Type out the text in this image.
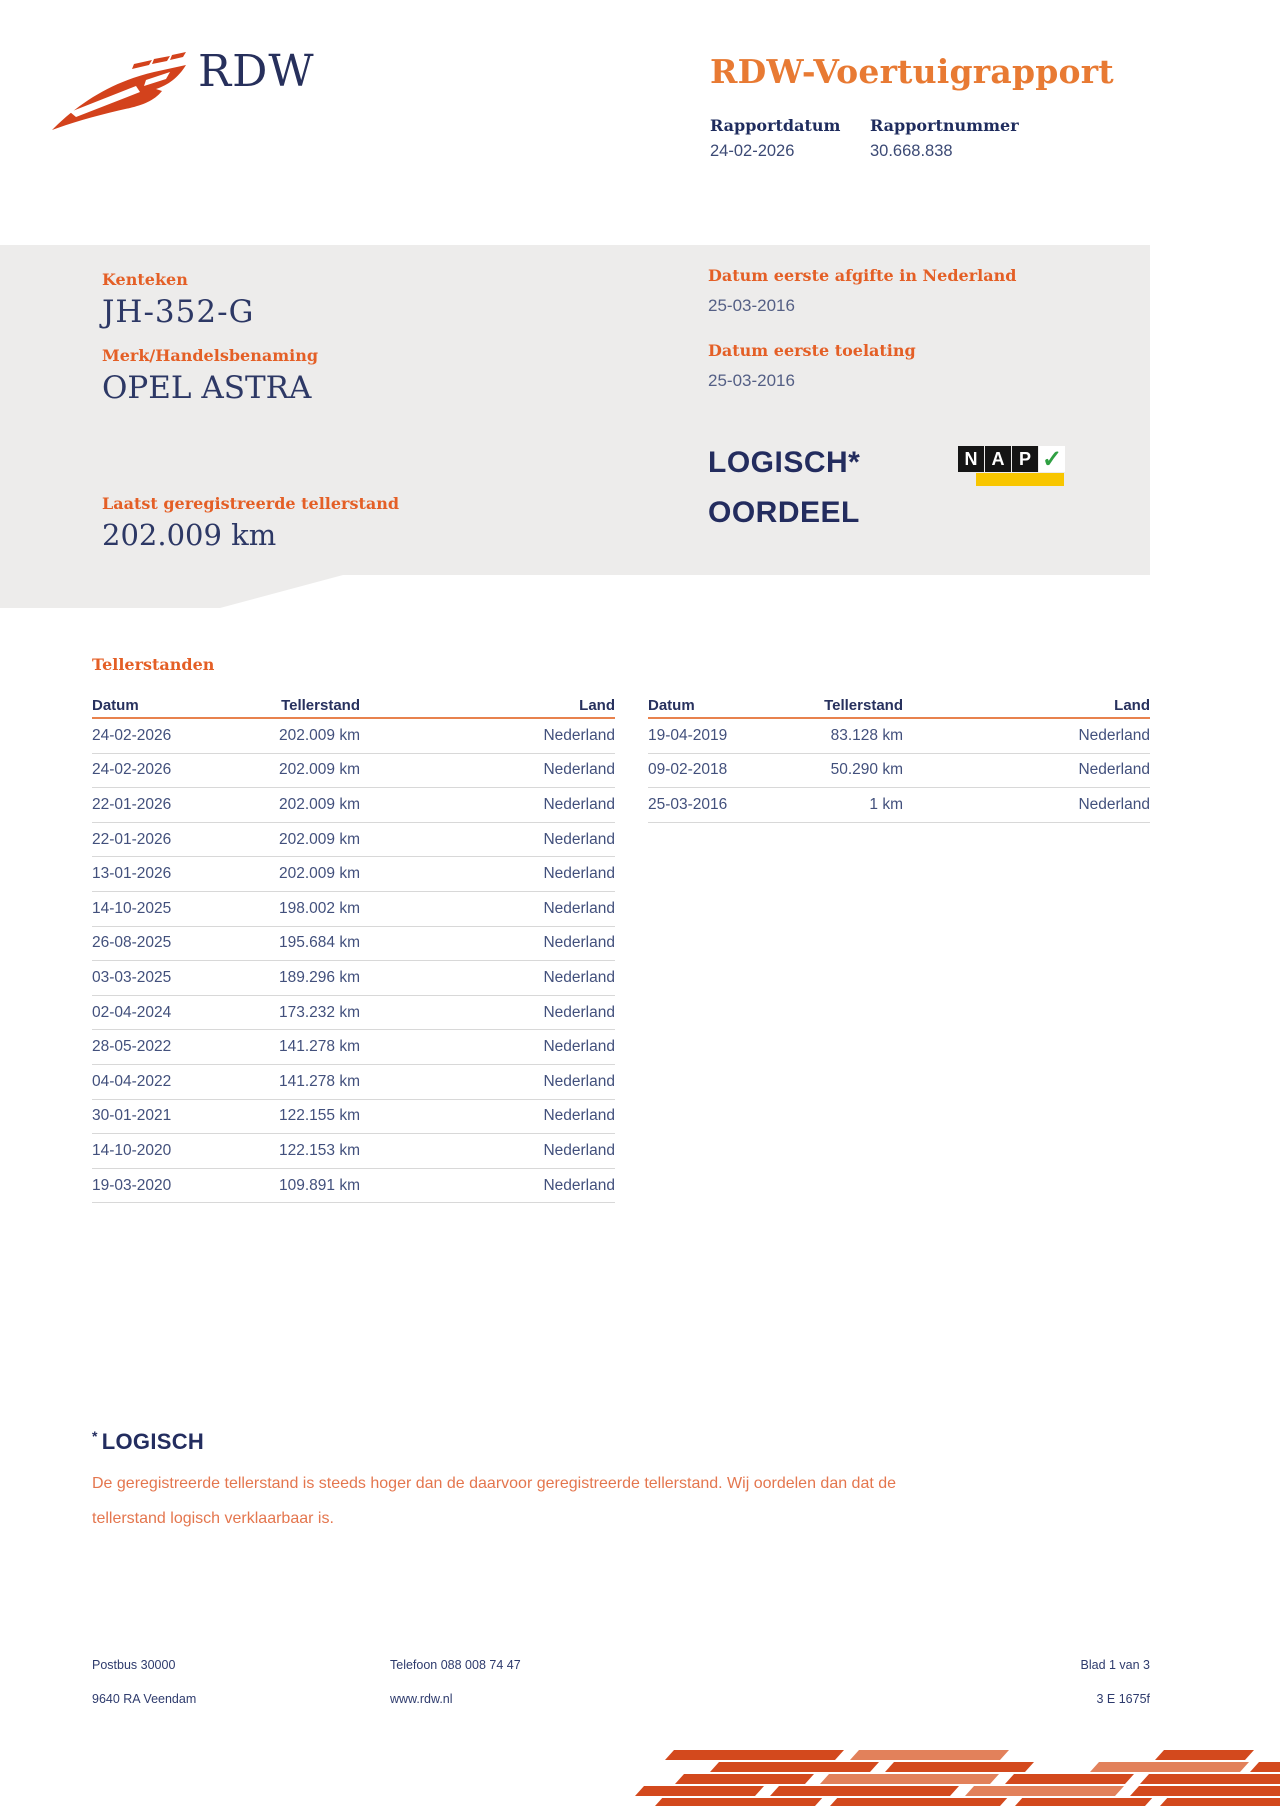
RDW	RDW-Voertuigrapport
Rapportdatum Rapportnummer
24-02-2026	30.668.838
Kenteken
JH-352-G
Merk/Handelsbenaming
OPEL ASTRA
Laatst geregistreerde tellerstand
202.009 km
Datum eerste afgifte in Nederland
25-03-2016
Datum eerste toelating
25-03-2016
LOGISCH*
OORDEEL
N A P ✓
Tellerstanden
Datum	Tellerstand	Land
24-02-2026	202.009 km	Nederland
24-02-2026	202.009 km	Nederland
22-01-2026	202.009 km	Nederland
22-01-2026	202.009 km	Nederland
13-01-2026	202.009 km	Nederland
14-10-2025	198.002 km	Nederland
26-08-2025	195.684 km	Nederland
03-03-2025	189.296 km	Nederland
02-04-2024	173.232 km	Nederland
28-05-2022	141.278 km	Nederland
04-04-2022	141.278 km	Nederland
30-01-2021	122.155 km	Nederland
14-10-2020	122.153 km	Nederland
19-03-2020	109.891 km	Nederland
Datum	Tellerstand	Land
19-04-2019	83.128 km	Nederland
09-02-2018	50.290 km	Nederland
25-03-2016	1 km	Nederland
* LOGISCH
De geregistreerde tellerstand is steeds hoger dan de daarvoor geregistreerde tellerstand. Wij oordelen dan dat de
tellerstand logisch verklaarbaar is.
Postbus 30000
9640 RA Veendam
Telefoon 088 008 74 47
www.rdw.nl
Blad 1 van 3
3 E 1675f
